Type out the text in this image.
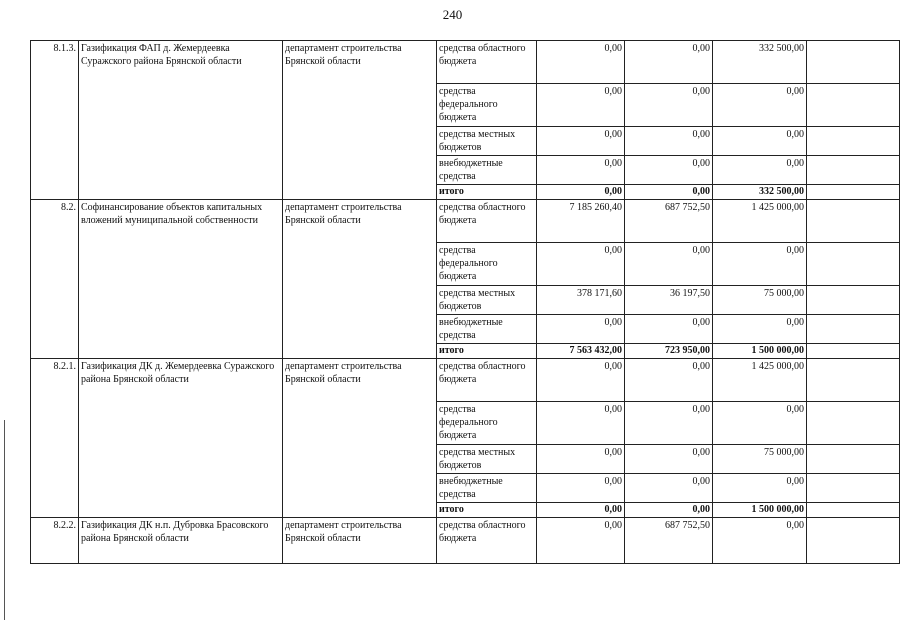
240
8.1.3.	Газификация ФАП д. Жемердеевка Суражского района Брянской области	департамент строительства Брянской области	средства областного бюджета	0,00	0,00	332 500,00	
			средства федерального бюджета	0,00	0,00	0,00	
			средства местных бюджетов	0,00	0,00	0,00	
			внебюджетные средства	0,00	0,00	0,00	
			итого	0,00	0,00	332 500,00	
8.2.	Софинансирование объектов капитальных вложений муниципальной собственности	департамент строительства Брянской области	средства областного бюджета	7 185 260,40	687 752,50	1 425 000,00	
			средства федерального бюджета	0,00	0,00	0,00	
			средства местных бюджетов	378 171,60	36 197,50	75 000,00	
			внебюджетные средства	0,00	0,00	0,00	
			итого	7 563 432,00	723 950,00	1 500 000,00	
8.2.1.	Газификация ДК д. Жемердеевка Суражского района Брянской области	департамент строительства Брянской области	средства областного бюджета	0,00	0,00	1 425 000,00	
			средства федерального бюджета	0,00	0,00	0,00	
			средства местных бюджетов	0,00	0,00	75 000,00	
			внебюджетные средства	0,00	0,00	0,00	
			итого	0,00	0,00	1 500 000,00	
8.2.2.	Газификация ДК н.п. Дубровка Брасовского района Брянской области	департамент строительства Брянской области	средства областного бюджета	0,00	687 752,50	0,00	
